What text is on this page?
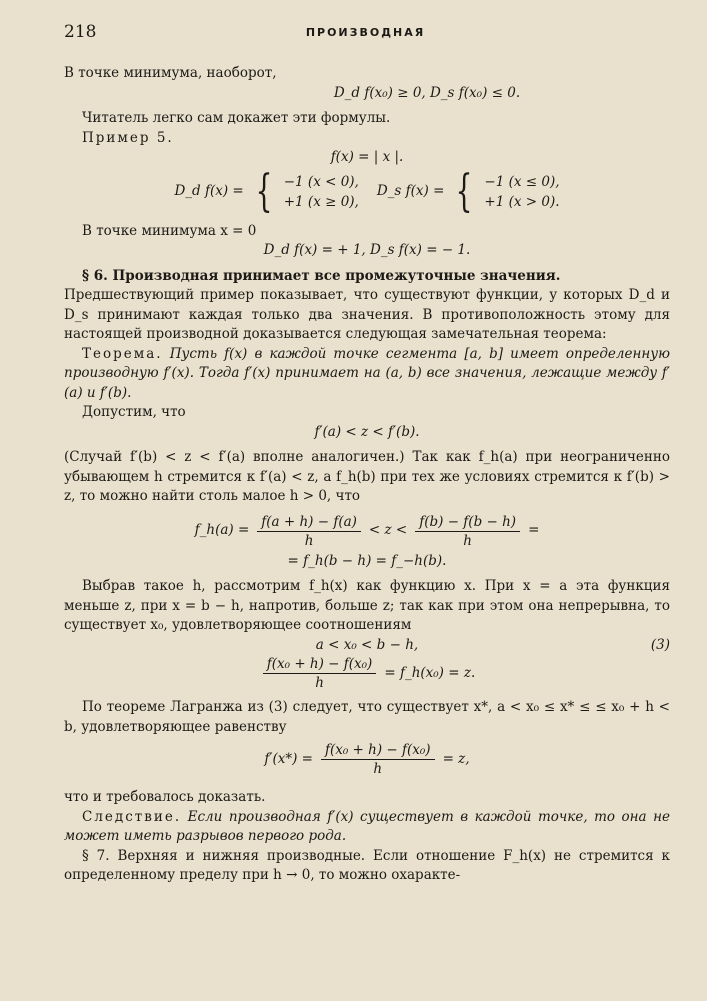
218	ПРОИЗВОДНАЯ

В точке минимума, наоборот,

D_d f(x₀) ≥ 0, D_s f(x₀) ≤ 0.

Читатель легко сам докажет эти формулы.

Пример 5.

f(x) = | x |.
D_d f(x) = { −1 (x < 0),
+1 (x ≥ 0),
D_s f(x) = { −1 (x ≤ 0),
+1 (x > 0).

В точке минимума x = 0

D_d f(x) = + 1, D_s f(x) = − 1.

§ 6. Производная принимает все промежуточные значения.

Предшествующий пример показывает, что существуют функции, у которых D_d и D_s принимают каждая только два значения. В противоположность этому для настоящей производной доказывается следующая замечательная теорема:

Теорема. Пусть f(x) в каждой точке сегмента [a, b] имеет определенную производную f′(x). Тогда f′(x) принимает на (a, b) все значения, лежащие между f′(a) и f′(b).

Допустим, что

f′(a) < z < f′(b).

(Случай f′(b) < z < f′(a) вполне аналогичен.) Так как f_h(a) при неограниченно убывающем h стремится к f′(a) < z, а f_h(b) при тех же условиях стремится к f′(b) > z, то можно найти столь малое h > 0, что

f_h(a) = $\frac{f(a + h) - f(a)}{h} < z < \frac{f(b) - f(b - h)}{h}$ =
= f_h(b − h) = f_−h(b).

Выбрав такое h, рассмотрим f_h(x) как функцию x. При x = a эта функция меньше z, при x = b − h, напротив, больше z; так как при этом она непрерывна, то существует x₀, удовлетворяющее соотношениям

a < x₀ < b − h,	(3)
$\frac{\text{f(x₀ + h) − f(x₀)}}{h}$ = f_h(x₀) = z.

По теореме Лагранжа из (3) следует, что существует x*, a < x₀ ≤ x* ≤ ≤ x₀ + h < b, удовлетворяющее равенству

$f'(x*) = \frac{\text{f(x₀ + h) − f(x₀)}}{h} = z$,

что и требовалось доказать.

Следствие. Если производная f′(x) существует в каждой точке, то она не может иметь разрывов первого рода.

§ 7. Верхняя и нижняя производные. Если отношение F_h(x) не стремится к определенному пределу при h → 0, то можно охаракте-
